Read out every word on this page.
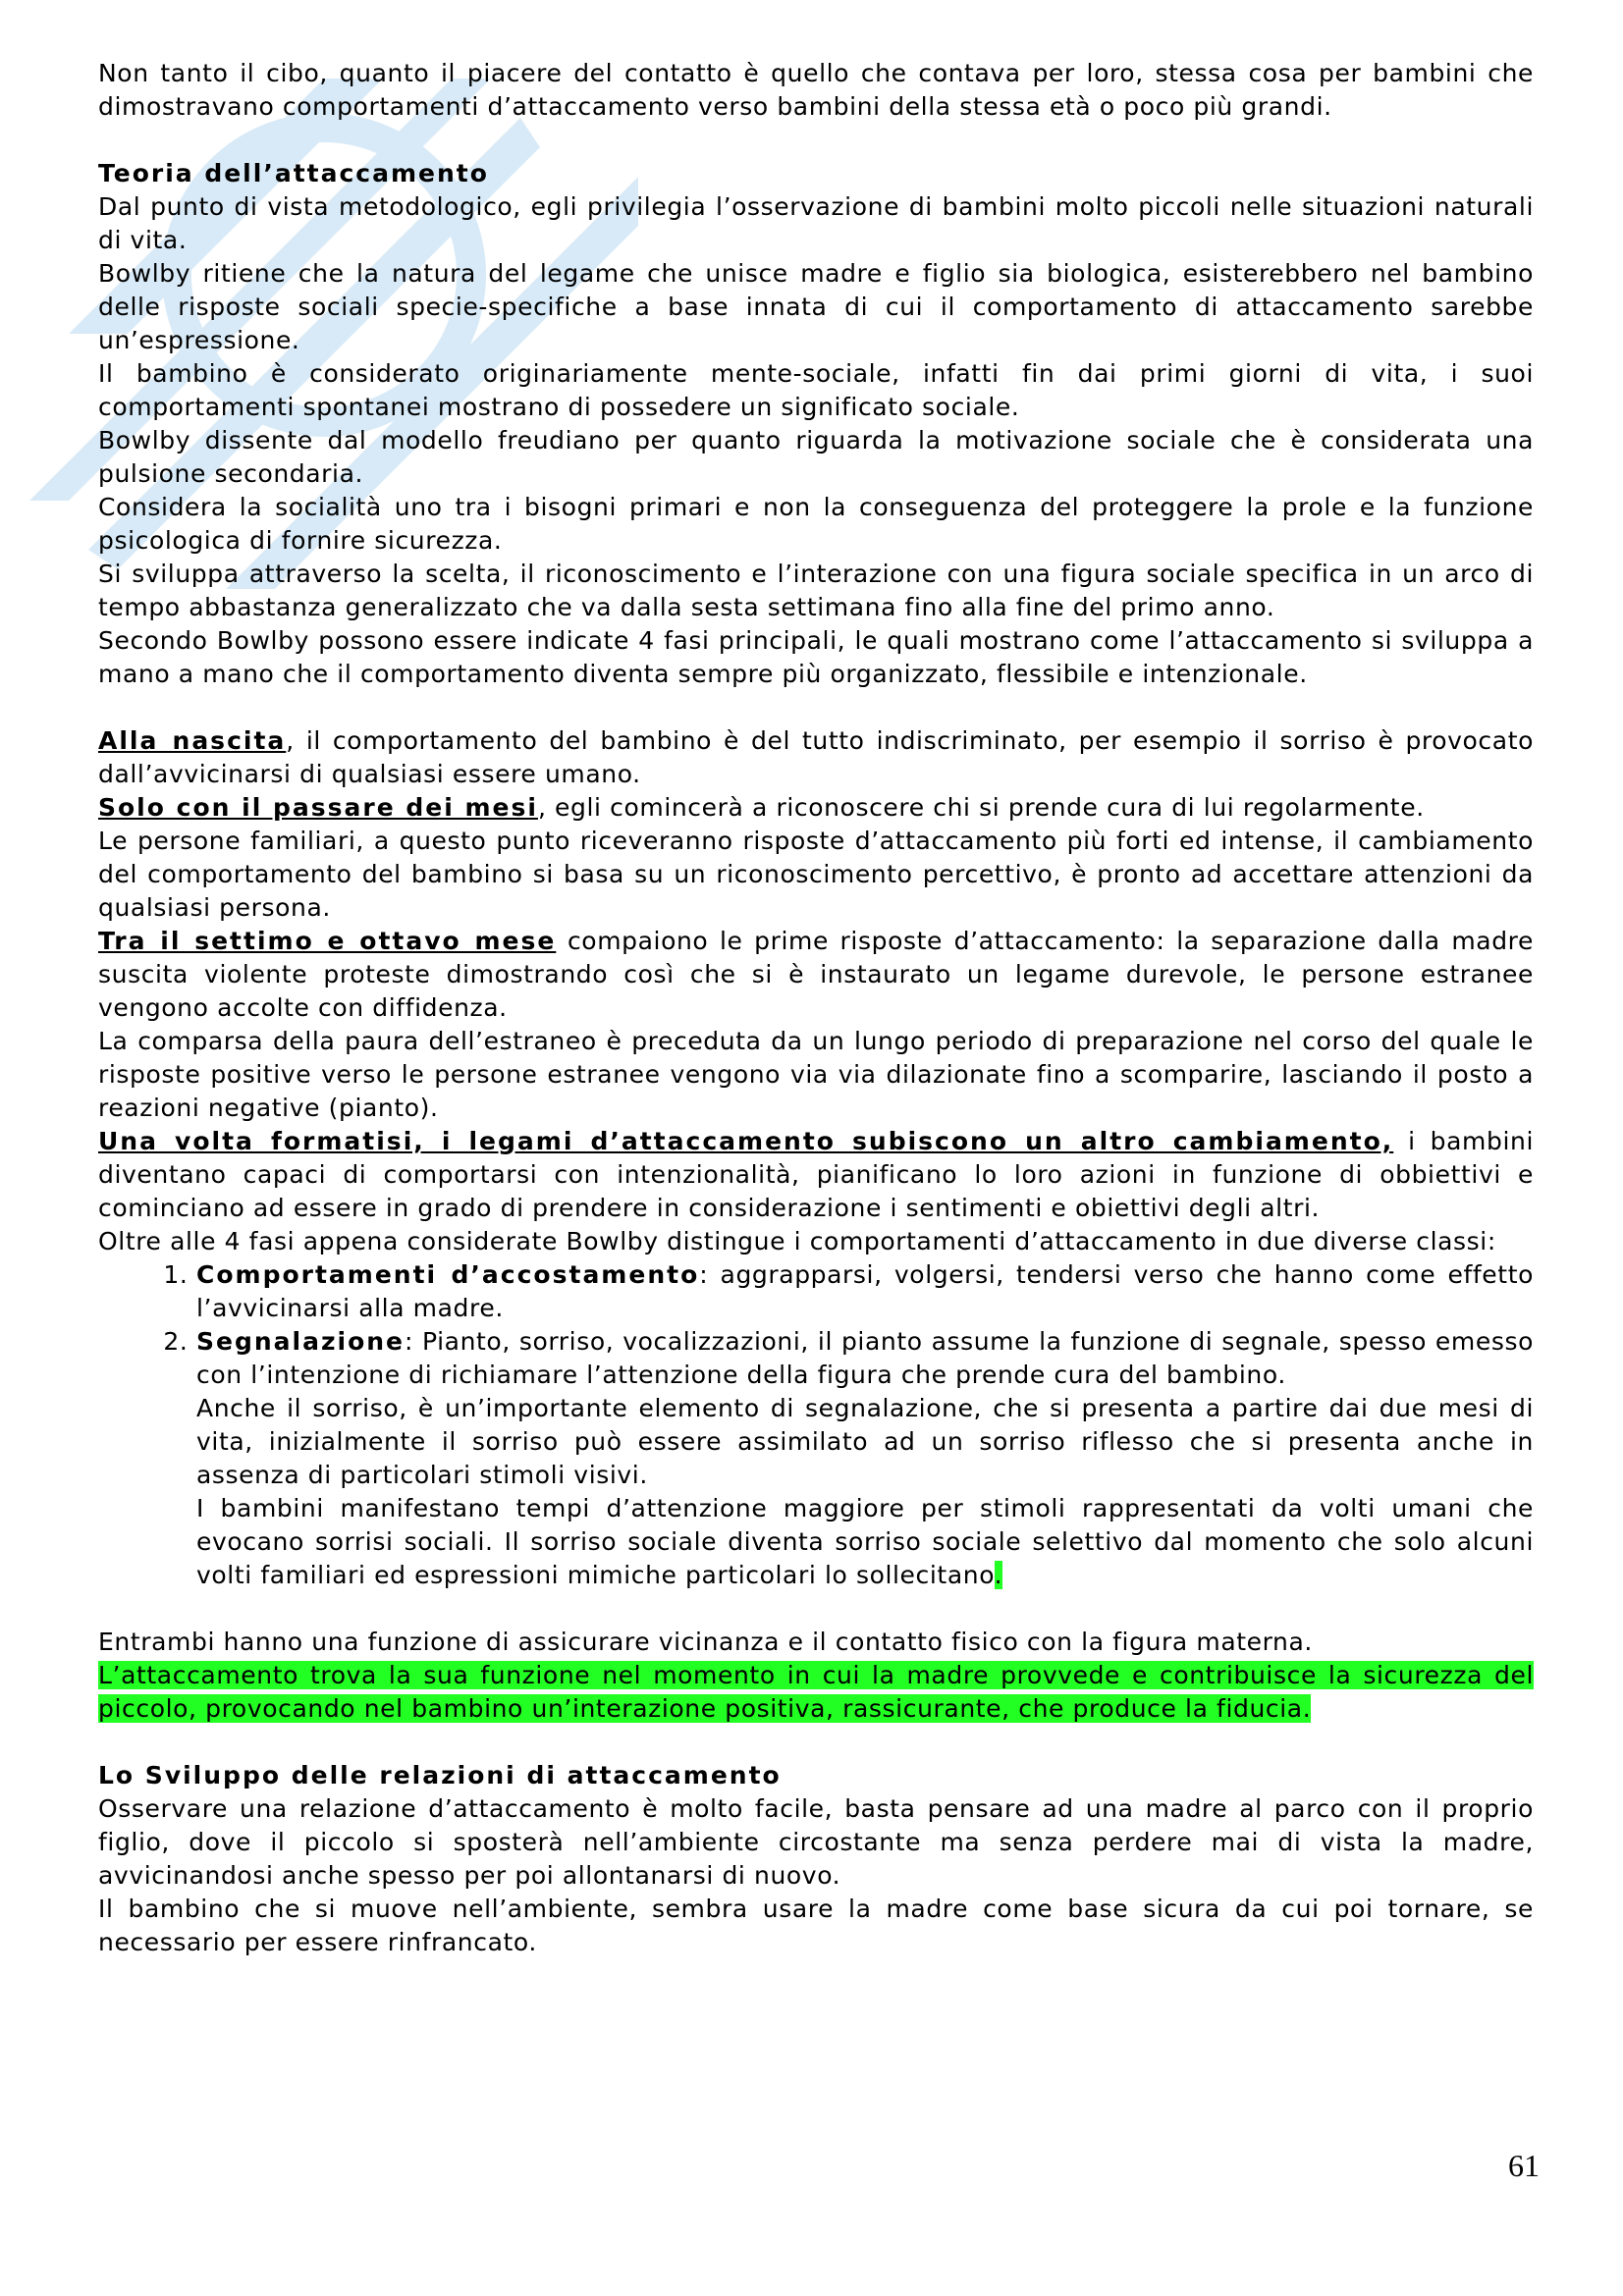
Non tanto il cibo, quanto il piacere del contatto è quello che contava per loro, stessa cosa per bambini che dimostravano comportamenti d’attaccamento verso bambini della stessa età o poco più grandi.

Teoria dell’attaccamento

Dal punto di vista metodologico, egli privilegia l’osservazione di bambini molto piccoli nelle situazioni naturali di vita.

Bowlby ritiene che la natura del legame che unisce madre e figlio sia biologica, esisterebbero nel bambino delle risposte sociali specie-specifiche a base innata di cui il comportamento di attaccamento sarebbe un’espressione.

Il bambino è considerato originariamente mente-sociale, infatti fin dai primi giorni di vita, i suoi comportamenti spontanei mostrano di possedere un significato sociale.

Bowlby dissente dal modello freudiano per quanto riguarda la motivazione sociale che è considerata una pulsione secondaria.

Considera la socialità uno tra i bisogni primari e non la conseguenza del proteggere la prole e la funzione psicologica di fornire sicurezza.

Si sviluppa attraverso la scelta, il riconoscimento e l’interazione con una figura sociale specifica in un arco di tempo abbastanza generalizzato che va dalla sesta settimana fino alla fine del primo anno.

Secondo Bowlby possono essere indicate 4 fasi principali, le quali mostrano come l’attaccamento si sviluppa a mano a mano che il comportamento diventa sempre più organizzato, flessibile e intenzionale.

Alla nascita, il comportamento del bambino è del tutto indiscriminato, per esempio il sorriso è provocato dall’avvicinarsi di qualsiasi essere umano.

Solo con il passare dei mesi, egli comincerà a riconoscere chi si prende cura di lui regolarmente.

Le persone familiari, a questo punto riceveranno risposte d’attaccamento più forti ed intense, il cambiamento del comportamento del bambino si basa su un riconoscimento percettivo, è pronto ad accettare attenzioni da qualsiasi persona.

Tra il settimo e ottavo mese compaiono le prime risposte d’attaccamento: la separazione dalla madre suscita violente proteste dimostrando così che si è instaurato un legame durevole, le persone estranee vengono accolte con diffidenza.

La comparsa della paura dell’estraneo è preceduta da un lungo periodo di preparazione nel corso del quale le risposte positive verso le persone estranee vengono via via dilazionate fino a scomparire, lasciando il posto a reazioni negative (pianto).

Una volta formatisi, i legami d’attaccamento subiscono un altro cambiamento, i bambini diventano capaci di comportarsi con intenzionalità, pianificano lo loro azioni in funzione di obbiettivi e cominciano ad essere in grado di prendere in considerazione i sentimenti e obiettivi degli altri.

Oltre alle 4 fasi appena considerate Bowlby distingue i comportamenti d’attaccamento in due diverse classi:

1. Comportamenti d’accostamento: aggrapparsi, volgersi, tendersi verso che hanno come effetto l’avvicinarsi alla madre.

2. Segnalazione: Pianto, sorriso, vocalizzazioni, il pianto assume la funzione di segnale, spesso emesso con l’intenzione di richiamare l’attenzione della figura che prende cura del bambino.

Anche il sorriso, è un’importante elemento di segnalazione, che si presenta a partire dai due mesi di vita, inizialmente il sorriso può essere assimilato ad un sorriso riflesso che si presenta anche in assenza di particolari stimoli visivi.

I bambini manifestano tempi d’attenzione maggiore per stimoli rappresentati da volti umani che evocano sorrisi sociali. Il sorriso sociale diventa sorriso sociale selettivo dal momento che solo alcuni volti familiari ed espressioni mimiche particolari lo sollecitano.

Entrambi hanno una funzione di assicurare vicinanza e il contatto fisico con la figura materna.

L’attaccamento trova la sua funzione nel momento in cui la madre provvede e contribuisce la sicurezza del piccolo, provocando nel bambino un’interazione positiva, rassicurante, che produce la fiducia.

Lo Sviluppo delle relazioni di attaccamento

Osservare una relazione d’attaccamento è molto facile, basta pensare ad una madre al parco con il proprio figlio, dove il piccolo si sposterà nell’ambiente circostante ma senza perdere mai di vista la madre, avvicinandosi anche spesso per poi allontanarsi di nuovo.

Il bambino che si muove nell’ambiente, sembra usare la madre come base sicura da cui poi tornare, se necessario per essere rinfrancato.

61
